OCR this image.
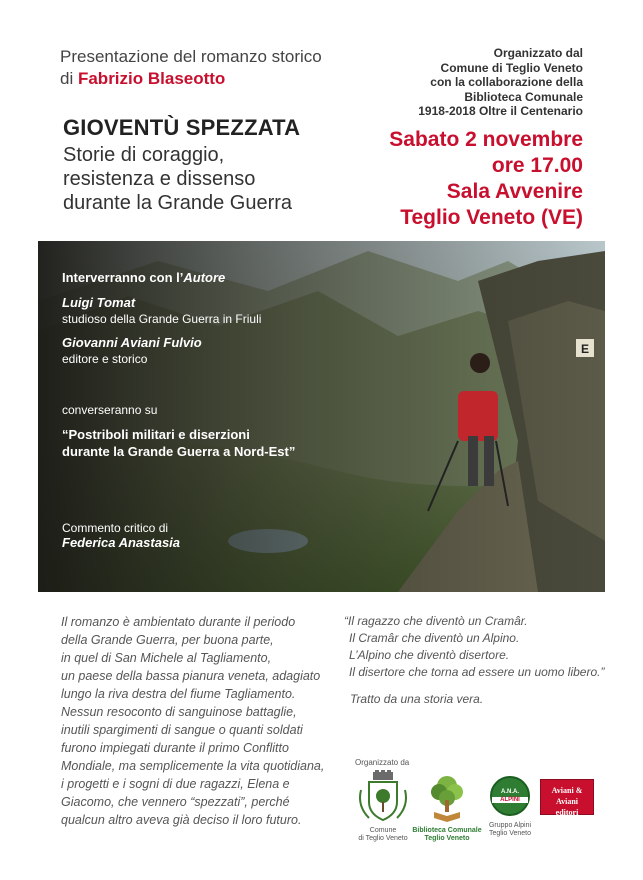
Presentazione del romanzo storico
di Fabrizio Blaseotto
GIOVENTÙ SPEZZATA
Storie di coraggio,
resistenza e dissenso
durante la Grande Guerra
Organizzato dal
Comune di Teglio Veneto
con la collaborazione della
Biblioteca Comunale
1918-2018 Oltre il Centenario
Sabato 2 novembre
ore 17.00
Sala Avvenire
Teglio Veneto (VE)
E
Interverranno con l’Autore
Luigi Tomat
studioso della Grande Guerra in Friuli
Giovanni Aviani Fulvio
editore e storico
converseranno su
“Postriboli militari e diserzioni
durante la Grande Guerra a Nord-Est”
Commento critico di
Federica Anastasia
Il romanzo è ambientato durante il periodo
della Grande Guerra, per buona parte,
in quel di San Michele al Tagliamento,
un paese della bassa pianura veneta, adagiato
lungo la riva destra del fiume Tagliamento.
Nessun resoconto di sanguinose battaglie,
inutili spargimenti di sangue o quanti soldati
furono impiegati durante il primo Conflitto
Mondiale, ma semplicemente la vita quotidiana,
i progetti e i sogni di due ragazzi, Elena e
Giacomo, che vennero “spezzati”, perché
qualcun altro aveva già deciso il loro futuro.
“Il ragazzo che diventò un Cramâr.
Il Cramâr che diventò un Alpino.
L’Alpino che diventò disertore.
Il disertore che torna ad essere un uomo libero.”
Tratto da una storia vera.
Organizzato da
Comune
di Teglio Veneto
Biblioteca Comunale
Teglio Veneto
A.N.A.
ALPINI
Gruppo Alpini
Teglio Veneto
Aviani & Aviani
editori
